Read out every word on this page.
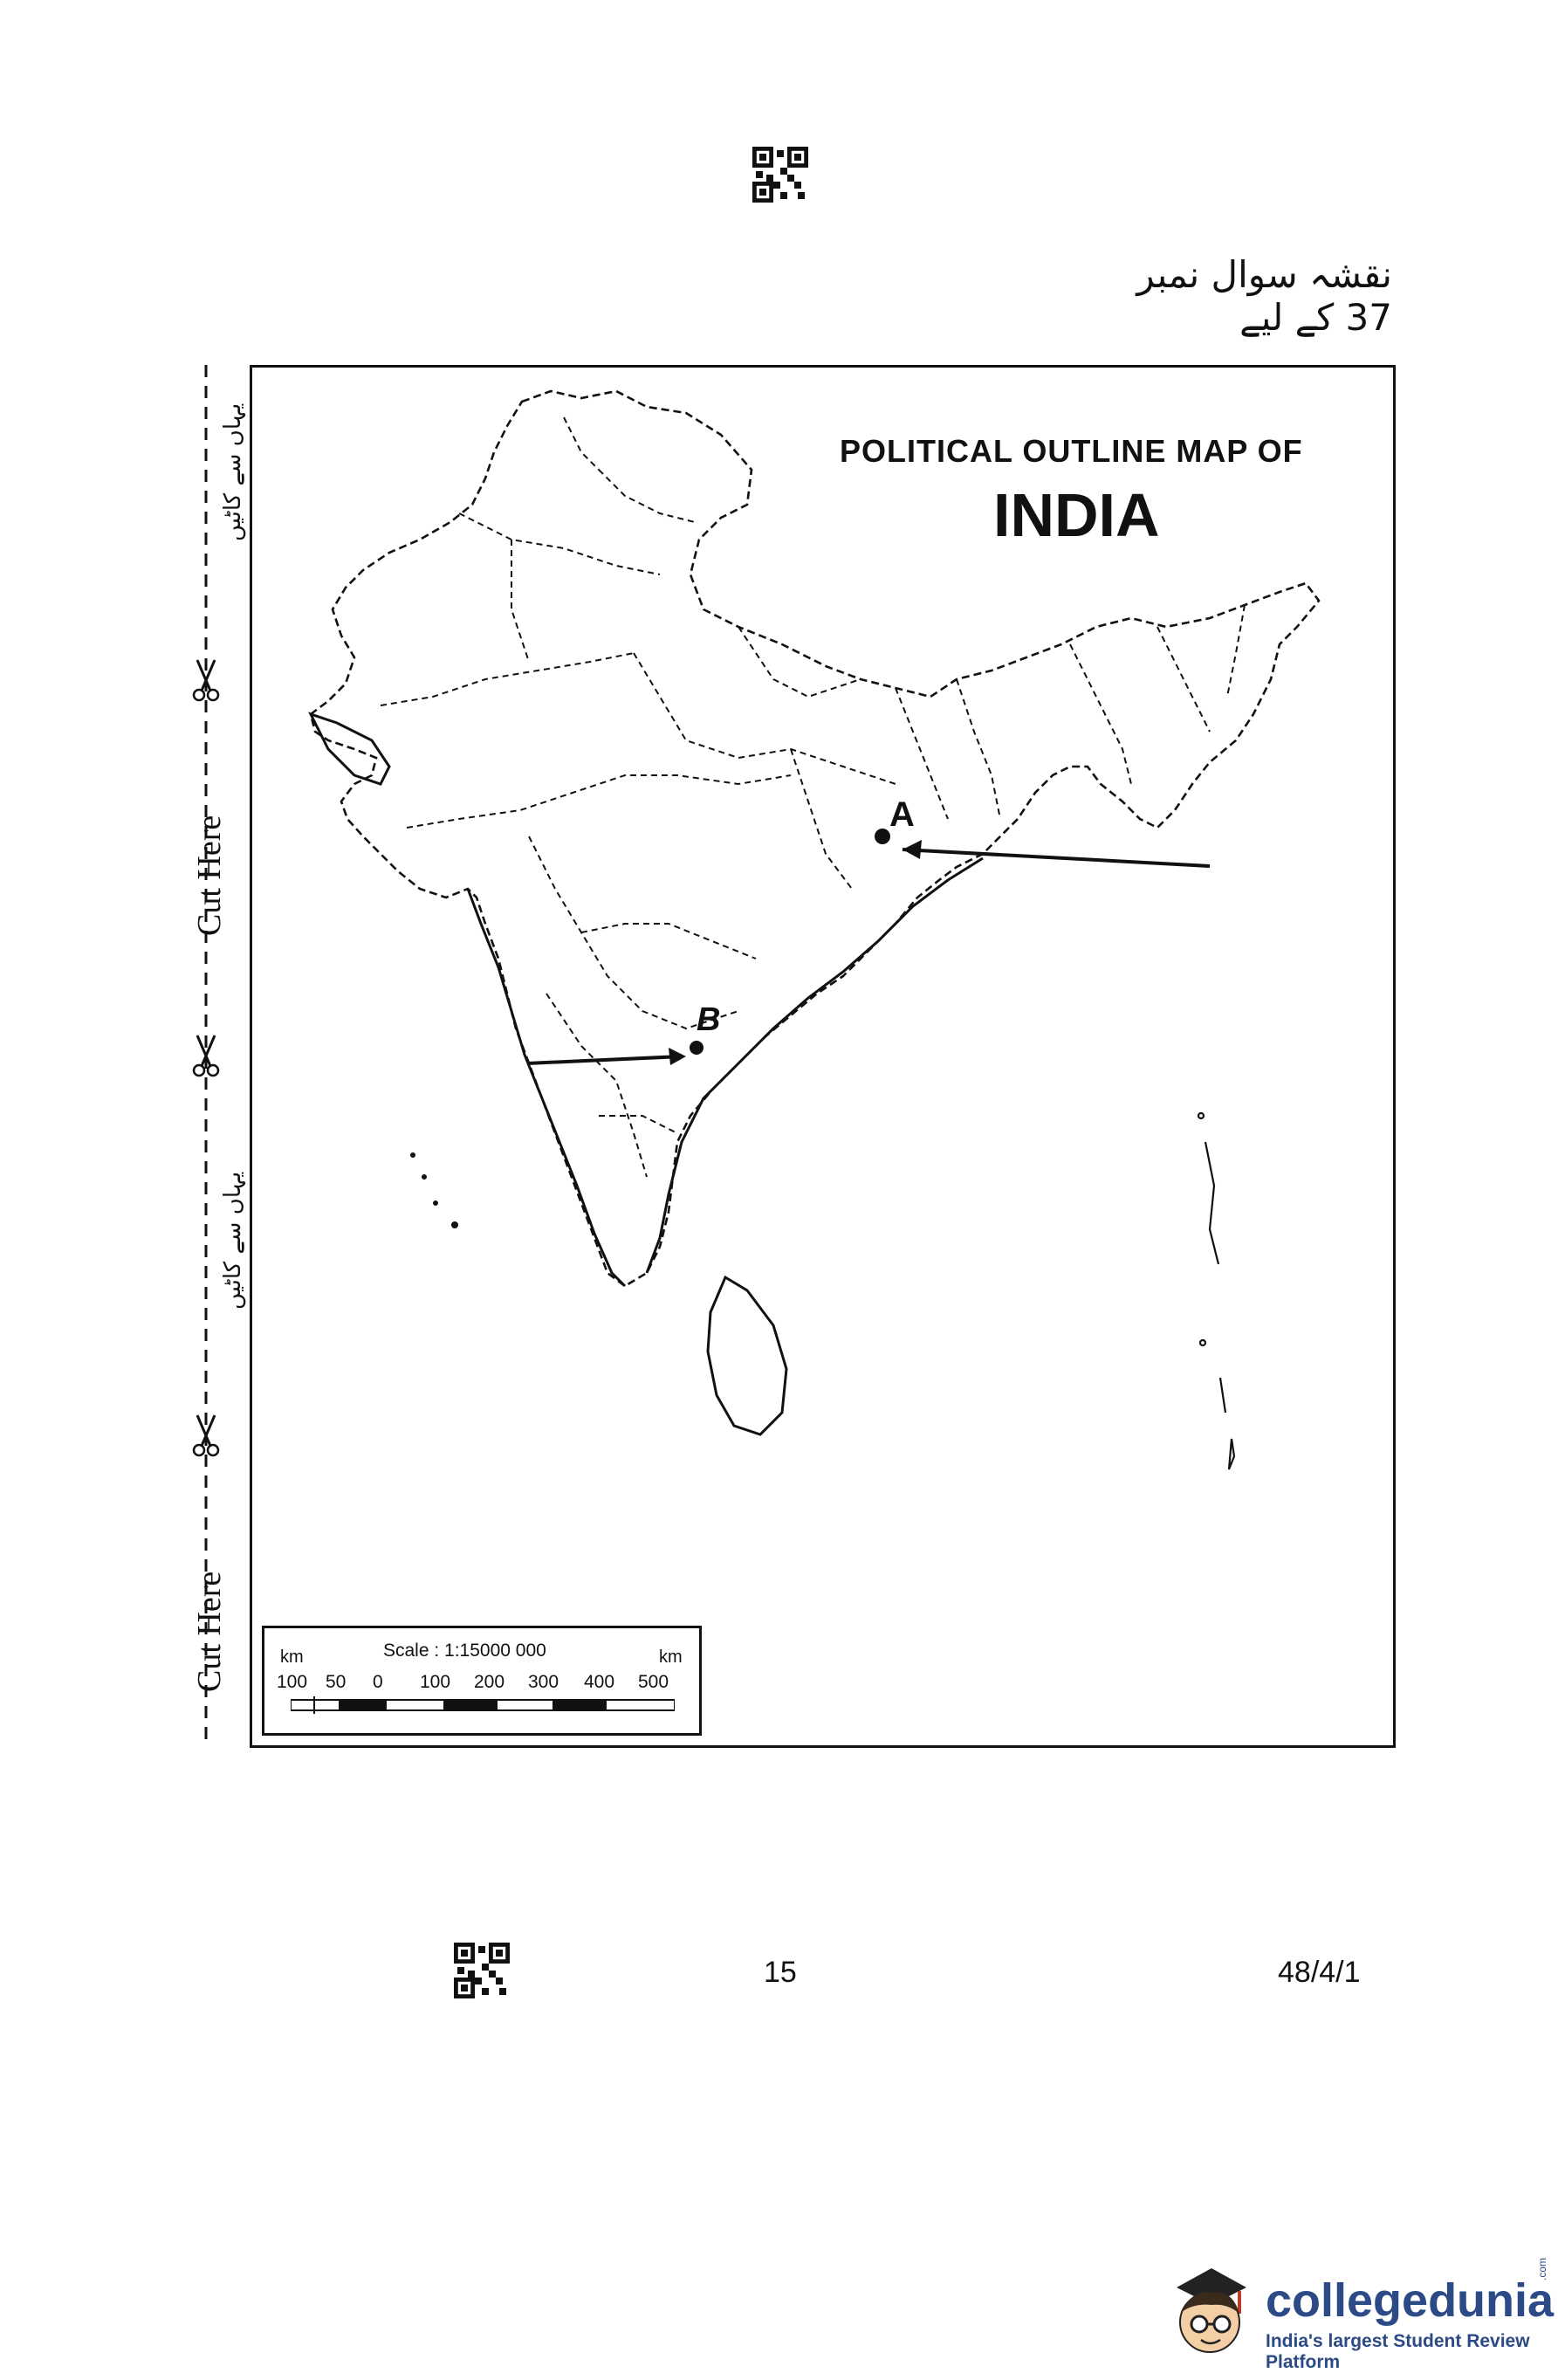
نقشہ سوال نمبر 37 کے لیے
Cut Here
Cut Here
یہاں سے کاٹیں
یہاں سے کاٹیں
A
B
POLITICAL OUTLINE MAP OF
INDIA
km	Scale : 1:15000 000	km
100 50 0 100 200 300 400 500
15	48/4/1
collegedunia
.com
India's largest Student Review Platform
